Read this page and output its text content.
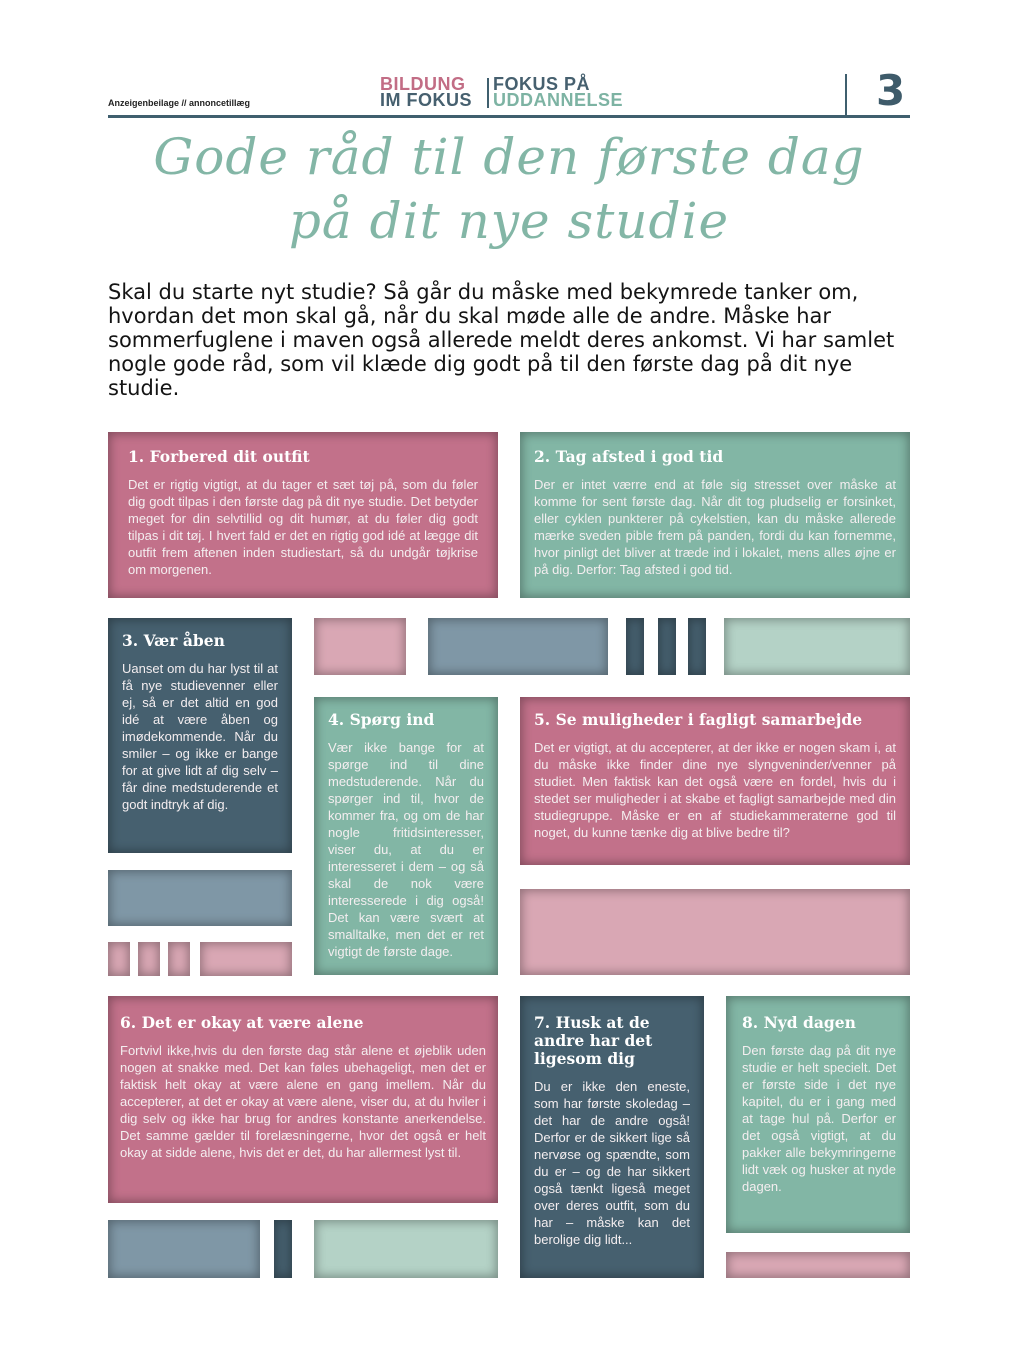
Anzeigenbeilage // annoncetillæg
BILDUNG
IM FOKUS
FOKUS PÅ
UDDANNELSE	3
Gode råd til den første dag
på dit nye studie
Skal du starte nyt studie? Så går du måske med bekymrede tanker om, hvordan det mon skal gå, når du skal møde alle de andre. Måske har sommerfuglene i maven også allerede meldt deres ankomst. Vi har samlet nogle gode råd, som vil klæde dig godt på til den første dag på dit nye studie.
1. Forbered dit outfit

Det er rigtig vigtigt, at du tager et sæt tøj på, som du føler dig godt tilpas i den første dag på dit nye studie. Det betyder meget for din selvtillid og dit humør, at du føler dig godt tilpas i dit tøj. I hvert fald er det en rigtig god idé at lægge dit outfit frem aftenen inden studiestart, så du undgår tøjkrise om morgenen.

2. Tag afsted i god tid

Der er intet værre end at føle sig stresset over måske at komme for sent første dag. Når dit tog pludselig er forsinket, eller cyklen punkterer på cykelstien, kan du måske allerede mærke sveden pible frem på panden, fordi du kan fornemme, hvor pinligt det bliver at træde ind i lokalet, mens alles øjne er på dig. Derfor: Tag afsted i god tid.

3. Vær åben

Uanset om du har lyst til at få nye studievenner eller ej, så er det altid en god idé at være åben og imødekommende. Når du smiler – og ikke er bange for at give lidt af dig selv – får dine medstuderende et godt indtryk af dig.

4. Spørg ind

Vær ikke bange for at spørge ind til dine medstuderende. Når du spørger ind til, hvor de kommer fra, og om de har nogle fritidsinteresser, viser du, at du er interesseret i dem – og så skal de nok være interesserede i dig også! Det kan være svært at smalltalke, men det er ret vigtigt de første dage.

5. Se muligheder i fagligt samarbejde

Det er vigtigt, at du accepterer, at der ikke er nogen skam i, at du måske ikke finder dine nye slyngveninder/venner på studiet. Men faktisk kan det også være en fordel, hvis du i stedet ser muligheder i at skabe et fagligt samarbejde med din studiegruppe. Måske er en af studiekammeraterne god til noget, du kunne tænke dig at blive bedre til?

6. Det er okay at være alene

Fortvivl ikke,hvis du den første dag står alene et øjeblik uden nogen at snakke med. Det kan føles ubehageligt, men det er faktisk helt okay at være alene en gang imellem. Når du accepterer, at det er okay at være alene, viser du, at du hviler i dig selv og ikke har brug for andres konstante anerkendelse. Det samme gælder til forelæsningerne, hvor det også er helt okay at sidde alene, hvis det er det, du har allermest lyst til.

7. Husk at de andre har det ligesom dig

Du er ikke den eneste, som har første skoledag – det har de andre også! Derfor er de sikkert lige så nervøse og spændte, som du er – og de har sikkert også tænkt ligeså meget over deres outfit, som du har – måske kan det berolige dig lidt...

8. Nyd dagen

Den første dag på dit nye studie er helt specielt. Det er første side i det nye kapitel, du er i gang med at tage hul på. Derfor er det også vigtigt, at du pakker alle bekymringerne lidt væk og husker at nyde dagen.
